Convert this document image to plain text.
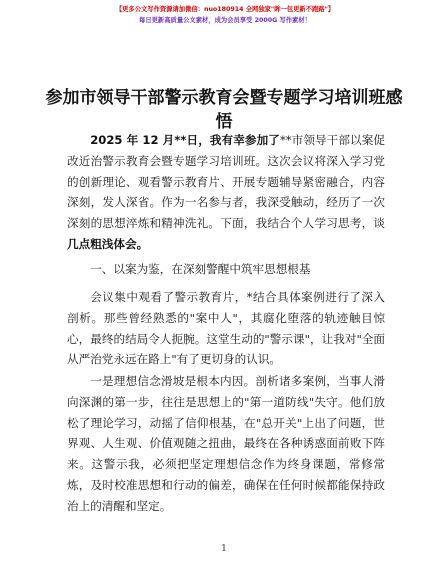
【更多公文写作资源请加微信：nuo180914 全网独家"眸一包更新不跑路"】
每日更新高质量公文素材，成为会员享受 2000G 写作素材！
参加市领导干部警示教育会暨专题学习培训班感悟

2025 年 12 月**日，我有幸参加了**市领导干部以案促改近治警示教育会暨专题学习培训班。这次会议将深入学习党的创新理论、观看警示教育片、开展专题辅导紧密融合，内容深刻，发人深省。作为一名参与者，我深受触动，经历了一次深刻的思想淬炼和精神洗礼。下面，我结合个人学习思考，谈几点粗浅体会。

一、以案为鉴，在深刻警醒中筑牢思想根基

会议集中观看了警示教育片，*结合具体案例进行了深入剖析。那些曾经熟悉的"案中人"，其腐化堕落的轨迹触目惊心，最终的结局令人扼腕。这堂生动的"警示课"，让我对"全面从严治党永远在路上"有了更切身的认识。

一是理想信念滑坡是根本内因。剖析诸多案例，当事人滑向深渊的第一步，往往是思想上的"第一道防线"失守。他们放松了理论学习，动摇了信仰根基，在"总开关"上出了问题，世界观、人生观、价值观随之扭曲，最终在各种诱惑面前败下阵来。这警示我，必须把坚定理想信念作为终身课题，常修常炼，及时校准思想和行动的偏差，确保在任何时候都能保持政治上的清醒和坚定。

1
